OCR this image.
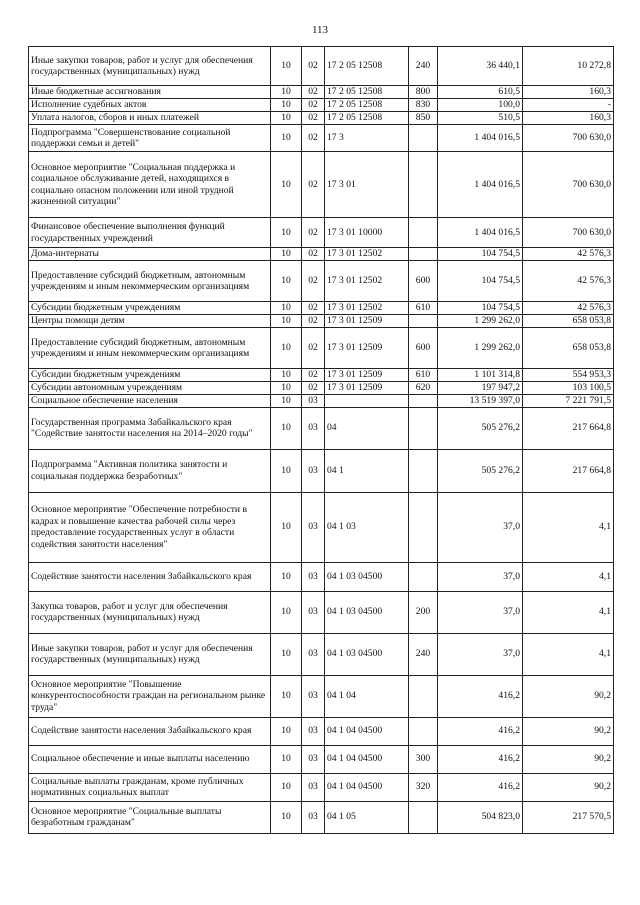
113
Иные закупки товаров, работ и услуг для обеспечения государственных (муниципальных) нужд	10	02	17 2 05 12508	240	36 440,1	10 272,8
Иные бюджетные ассигнования	10	02	17 2 05 12508	800	610,5	160,3
Исполнение судебных актов	10	02	17 2 05 12508	830	100,0	-
Уплата налогов, сборов и иных платежей	10	02	17 2 05 12508	850	510,5	160,3
Подпрограмма "Совершенствование социальной поддержки семьи и детей"	10	02	17 3		1 404 016,5	700 630,0
Основное мероприятие "Социальная поддержка и социальное обслуживание детей, находящихся в социально опасном положении или иной трудной жизненной ситуации"	10	02	17 3 01		1 404 016,5	700 630,0
Финансовое обеспечение выполнения функций государственных учреждений	10	02	17 3 01 10000		1 404 016,5	700 630,0
Дома-интернаты	10	02	17 3 01 12502		104 754,5	42 576,3
Предоставление субсидий бюджетным, автономным учреждениям и иным некоммерческим организациям	10	02	17 3 01 12502	600	104 754,5	42 576,3
Субсидии бюджетным учреждениям	10	02	17 3 01 12502	610	104 754,5	42 576,3
Центры помощи детям	10	02	17 3 01 12509		1 299 262,0	658 053,8
Предоставление субсидий бюджетным, автономным учреждениям и иным некоммерческим организациям	10	02	17 3 01 12509	600	1 299 262,0	658 053,8
Субсидии бюджетным учреждениям	10	02	17 3 01 12509	610	1 101 314,8	554 953,3
Субсидии автономным учреждениям	10	02	17 3 01 12509	620	197 947,2	103 100,5
Социальное обеспечение населения	10	03			13 519 397,0	7 221 791,5
Государственная программа Забайкальского края "Содействие занятости населения на 2014–2020 годы"	10	03	04		505 276,2	217 664,8
Подпрограмма "Активная политика занятости и социальная поддержка безработных"	10	03	04 1		505 276,2	217 664,8
Основное мероприятие "Обеспечение потребности в кадрах и повышение качества рабочей силы через предоставление государственных услуг в области содействия занятости населения"	10	03	04 1 03		37,0	4,1
Содействие занятости населения Забайкальского края	10	03	04 1 03 04500		37,0	4,1
Закупка товаров, работ и услуг для обеспечения государственных (муниципальных) нужд	10	03	04 1 03 04500	200	37,0	4,1
Иные закупки товаров, работ и услуг для обеспечения государственных (муниципальных) нужд	10	03	04 1 03 04500	240	37,0	4,1
Основное мероприятие "Повышение конкурентоспособности граждан на региональном рынке труда"	10	03	04 1 04		416,2	90,2
Содействие занятости населения Забайкальского края	10	03	04 1 04 04500		416,2	90,2
Социальное обеспечение и иные выплаты населению	10	03	04 1 04 04500	300	416,2	90,2
Социальные выплаты гражданам, кроме публичных нормативных социальных выплат	10	03	04 1 04 04500	320	416,2	90,2
Основное мероприятие "Социальные выплаты безработным гражданам"	10	03	04 1 05		504 823,0	217 570,5
